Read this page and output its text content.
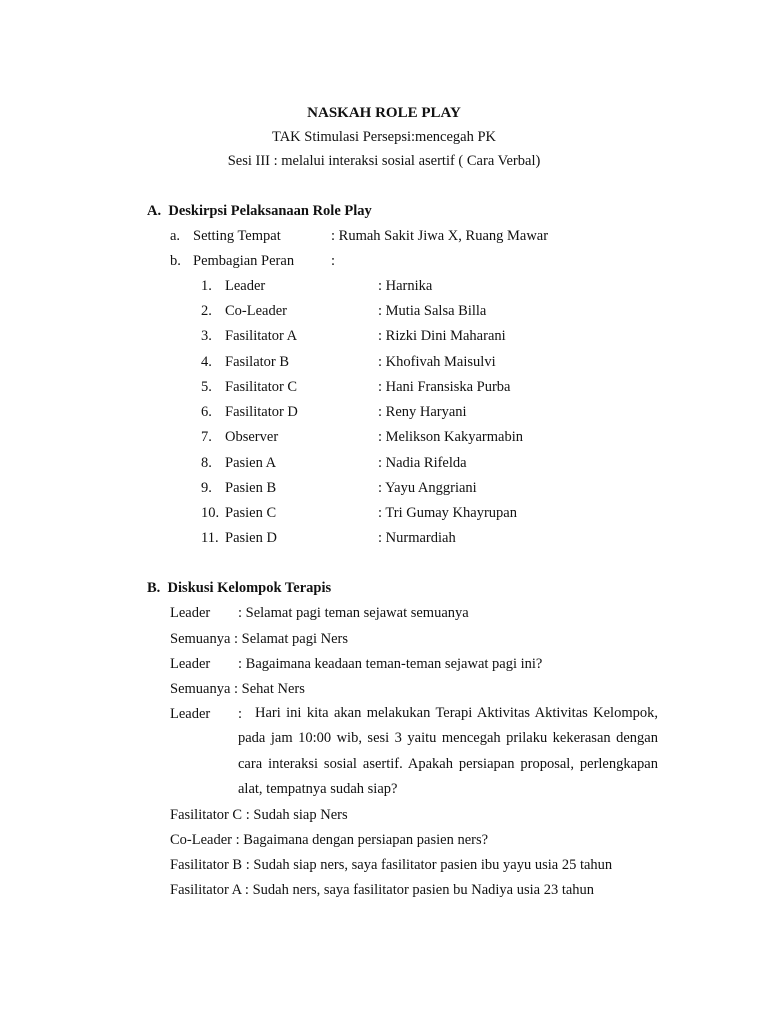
NASKAH ROLE PLAY
TAK Stimulasi Persepsi:mencegah PK
Sesi III : melalui interaksi sosial asertif ( Cara Verbal)
A.  Deskirpsi Pelaksanaan Role Play
a. Setting Tempat	: Rumah Sakit Jiwa X, Ruang Mawar
b. Pembagian Peran	:
1. Leader	: Harnika
2. Co-Leader	: Mutia Salsa Billa
3. Fasilitator A	: Rizki Dini Maharani
4. Fasilator B	: Khofivah Maisulvi
5. Fasilitator C	: Hani Fransiska Purba
6. Fasilitator D	: Reny Haryani
7. Observer	: Melikson Kakyarmabin
8. Pasien A	: Nadia Rifelda
9. Pasien B	: Yayu Anggriani
10. Pasien C	: Tri Gumay Khayrupan
11. Pasien D	: Nurmardiah
B.  Diskusi Kelompok Terapis
Leader : Selamat pagi teman sejawat semuanya
Semuanya : Selamat pagi Ners
Leader : Bagaimana keadaan teman-teman sejawat pagi ini?
Semuanya : Sehat Ners
Leader : Hari ini kita akan melakukan Terapi Aktivitas Aktivitas Kelompok, pada jam 10:00 wib, sesi 3 yaitu mencegah prilaku kekerasan dengan cara interaksi sosial asertif. Apakah persiapan proposal, perlengkapan alat, tempatnya sudah siap?
Fasilitator C : Sudah siap Ners
Co-Leader : Bagaimana dengan persiapan pasien ners?
Fasilitator B : Sudah siap ners, saya fasilitator pasien ibu yayu usia 25 tahun
Fasilitator A : Sudah ners, saya fasilitator pasien bu Nadiya usia 23 tahun
